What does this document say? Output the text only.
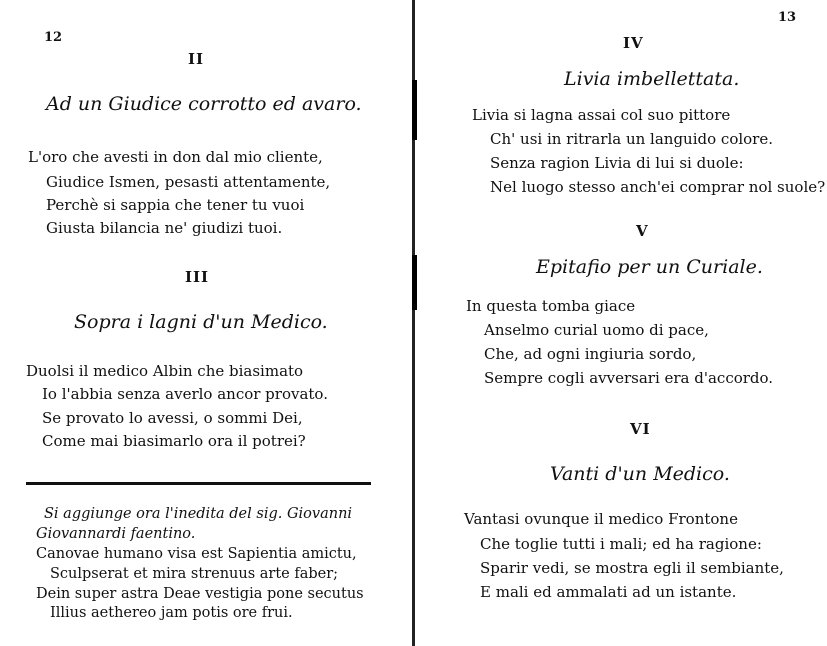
12
II
Ad un Giudice corrotto ed avaro.
L'oro che avesti in don dal mio cliente,
Giudice Ismen, pesasti attentamente,
Perchè si sappia che tener tu vuoi
Giusta bilancia ne' giudizi tuoi.
III
Sopra i lagni d'un Medico.
Duolsi il medico Albin che biasimato
Io l'abbia senza averlo ancor provato.
Se provato lo avessi, o sommi Dei,
Come mai biasimarlo ora il potrei?
Si aggiunge ora l'inedita del sig. Giovanni
Giovannardi faentino.
Canovae humano visa est Sapientia amictu,
Sculpserat et mira strenuus arte faber;
Dein super astra Deae vestigia pone secutus
Illius aethereo jam potis ore frui.
13
IV
Livia imbellettata.
Livia si lagna assai col suo pittore
Ch' usi in ritrarla un languido colore.
Senza ragion Livia di lui si duole:
Nel luogo stesso anch'ei comprar nol suole?
V
Epitafio per un Curiale.
In questa tomba giace
Anselmo curial uomo di pace,
Che, ad ogni ingiuria sordo,
Sempre cogli avversari era d'accordo.
VI
Vanti d'un Medico.
Vantasi ovunque il medico Frontone
Che toglie tutti i mali; ed ha ragione:
Sparir vedi, se mostra egli il sembiante,
E mali ed ammalati ad un istante.
